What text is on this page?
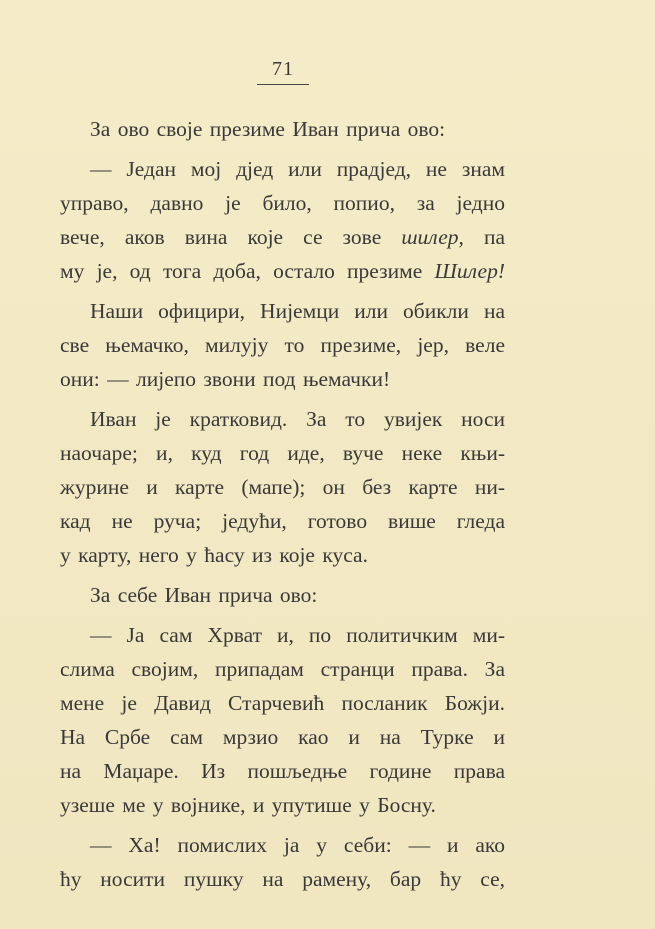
71
За ово своје презиме Иван прича ово:
— Један мој дјед или прадјед, не знам
управо, давно је било, попио, за једно
вече, аков вина које се зове шилер, па
му је, од тога доба, остало презиме Шилер!
Наши официри, Нијемци или обикли на
све њемачко, милују то презиме, јер, веле
они: — лијепо звони под њемачки!
Иван је кратковид. За то увијек носи
наочаре; и, куд год иде, вуче неке књи-
журине и карте (мапе); он без карте ни-
кад не руча; једући, готово више гледа
у карту, него у ћасу из које куса.
За себе Иван прича ово:
— Ја сам Хрват и, по политичким ми-
слима својим, припадам странци права. За
мене је Давид Старчевић посланик Божји.
На Србе сам мрзио као и на Турке и
на Маџаре. Из пошљедње године права
узеше ме у војнике, и упутише у Босну.
— Ха! помислих ја у себи: — и ако
ћу носити пушку на рамену, бар ћу се,
